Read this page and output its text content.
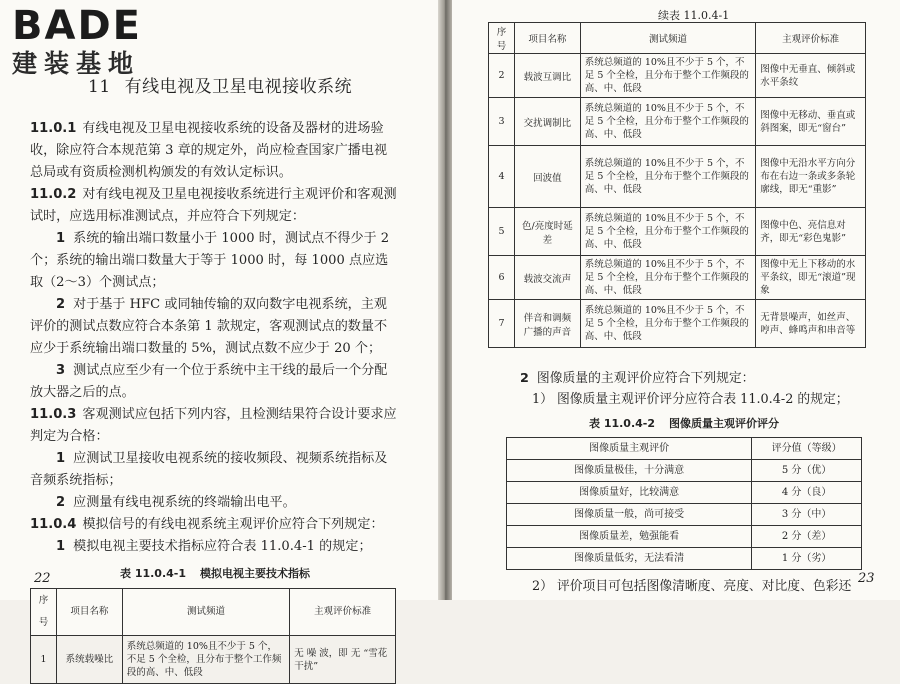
BADE
建装基地
11 有线电视及卫星电视接收系统

11.0.1 有线电视及卫星电视接收系统的设备及器材的进场验收，除应符合本规范第 3 章的规定外，尚应检查国家广播电视总局或有资质检测机构颁发的有效认定标识。

11.0.2 对有线电视及卫星电视接收系统进行主观评价和客观测试时，应选用标准测试点，并应符合下列规定：

1 系统的输出端口数量小于 1000 时，测试点不得少于 2 个；系统的输出端口数量大于等于 1000 时，每 1000 点应选取（2～3）个测试点；

2 对于基于 HFC 或同轴传输的双向数字电视系统，主观评价的测试点数应符合本条第 1 款规定，客观测试点的数量不应少于系统输出端口数量的 5%，测试点数不应少于 20 个；

3 测试点应至少有一个位于系统中主干线的最后一个分配放大器之后的点。

11.0.3 客观测试应包括下列内容，且检测结果符合设计要求应判定为合格：

1 应测试卫星接收电视系统的接收频段、视频系统指标及音频系统指标；

2 应测量有线电视系统的终端输出电平。

11.0.4 模拟信号的有线电视系统主观评价应符合下列规定：

1 模拟电视主要技术指标应符合表 11.0.4-1 的规定；

表 11.0.4-1 模拟电视主要技术指标
序号	项目名称	测试频道	主观评价标准
1	系统载噪比	系统总频道的 10%且不少于 5 个，不足 5 个全检，且分布于整个工作频段的高、中、低段	无 噪 波，即 无 “雪花干扰”
22
续表 11.0.4-1
序号	项目名称	测试频道	主观评价标准
2	载波互调比	系统总频道的 10%且不少于 5 个，不足 5 个全检，且分布于整个工作频段的高、中、低段	图像中无垂直、倾斜或水平条纹
3	交扰调制比	系统总频道的 10%且不少于 5 个，不足 5 个全检，且分布于整个工作频段的高、中、低段	图像中无移动、垂直或斜图案，即无“窗台”
4	回波值	系统总频道的 10%且不少于 5 个，不足 5 个全检，且分布于整个工作频段的高、中、低段	图像中无沿水平方向分布在右边一条或多条轮廓线，即无“重影”
5	色/亮度时延差	系统总频道的 10%且不少于 5 个，不足 5 个全检，且分布于整个工作频段的高、中、低段	图像中色、亮信息对齐，即无“彩色鬼影”
6	载波交流声	系统总频道的 10%且不少于 5 个，不足 5 个全检，且分布于整个工作频段的高、中、低段	图像中无上下移动的水平条纹，即无“滚道”现象
7	伴音和调频广播的声音	系统总频道的 10%且不少于 5 个，不足 5 个全检，且分布于整个工作频段的高、中、低段	无背景噪声，如丝声、哼声、蜂鸣声和串音等

2 图像质量的主观评价应符合下列规定：

1） 图像质量主观评价评分应符合表 11.0.4-2 的规定；

表 11.0.4-2 图像质量主观评价评分
图像质量主观评价	评分值（等级）
图像质量极佳，十分满意	5 分（优）
图像质量好，比较满意	4 分（良）
图像质量一般，尚可接受	3 分（中）
图像质量差，勉强能看	2 分（差）
图像质量低劣，无法看清	1 分（劣）

2） 评价项目可包括图像清晰度、亮度、对比度、色彩还

23
